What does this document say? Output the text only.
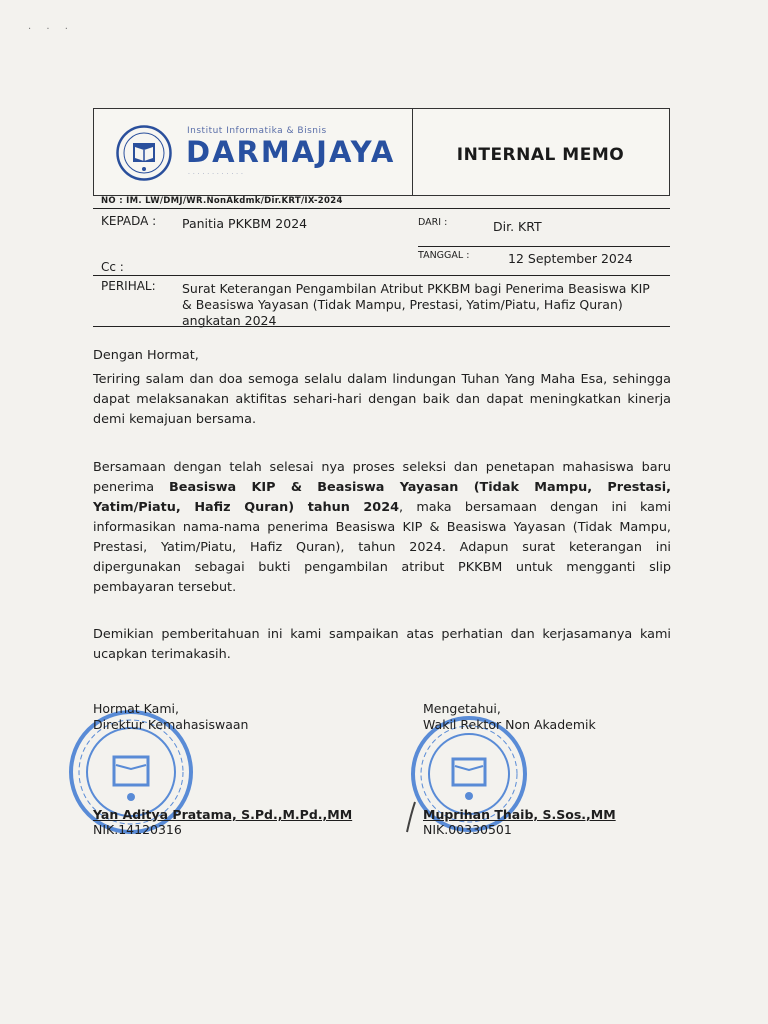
· · ·
Institut Informatika & Bisnis
DARMAJAYA
· · · · · · · · · · · ·
INTERNAL MEMO
NO : IM. LW/DMJ/WR.NonAkdmk/Dir.KRT/IX-2024
KEPADA : Panitia PKKBM 2024	DARI :	Dir. KRT
TANGGAL :	12 September 2024
Cc :
PERIHAL: Surat Keterangan Pengambilan Atribut PKKBM bagi Penerima Beasiswa KIP & Beasiswa Yayasan (Tidak Mampu, Prestasi, Yatim/Piatu, Hafiz Quran) angkatan 2024
Dengan Hormat,
Teriring salam dan doa semoga selalu dalam lindungan Tuhan Yang Maha Esa, sehingga dapat melaksanakan aktifitas sehari-hari dengan baik dan dapat meningkatkan kinerja demi kemajuan bersama.
Bersamaan dengan telah selesai nya proses seleksi dan penetapan mahasiswa baru penerima Beasiswa KIP & Beasiswa Yayasan (Tidak Mampu, Prestasi, Yatim/Piatu, Hafiz Quran) tahun 2024, maka bersamaan dengan ini kami informasikan nama-nama penerima Beasiswa KIP & Beasiswa Yayasan (Tidak Mampu, Prestasi, Yatim/Piatu, Hafiz Quran), tahun 2024. Adapun surat keterangan ini dipergunakan sebagai bukti pengambilan atribut PKKBM untuk mengganti slip pembayaran tersebut.
Demikian pemberitahuan ini kami sampaikan atas perhatian dan kerjasamanya kami ucapkan terimakasih.
Hormat Kami,
Direktur Kemahasiswaan
Yan Aditya Pratama, S.Pd.,M.Pd.,MM
NIK.14120316
Mengetahui,
Wakil Rektor Non Akademik
Muprihan Thaib, S.Sos.,MM
NIK.00330501
